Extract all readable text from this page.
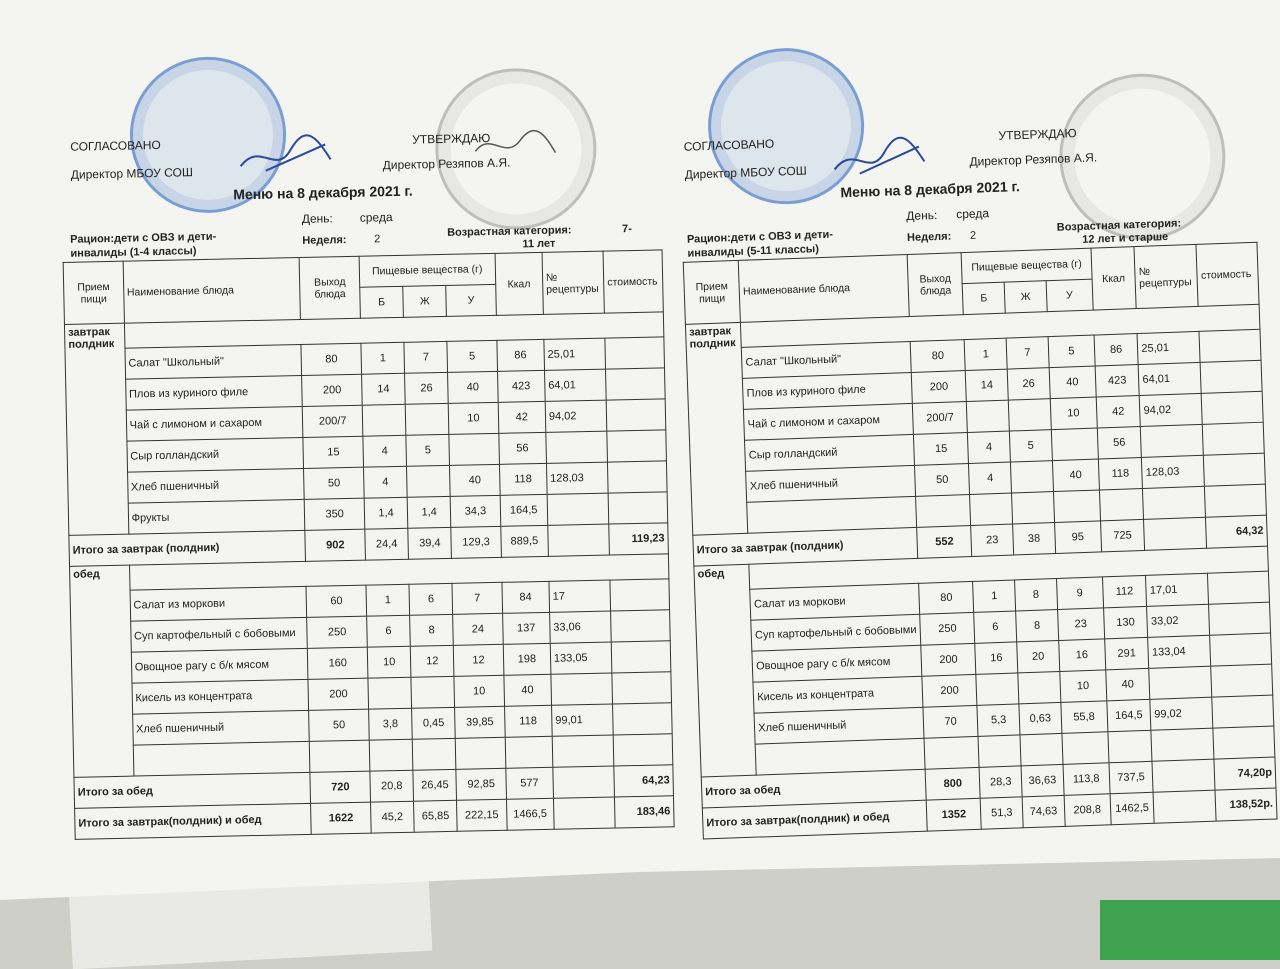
СОГЛАСОВАНО
Директор МБОУ СОШ
УТВЕРЖДАЮ
Директор Резяпов А.Я.
Меню на 8 декабря 2021 г.
День: среда
Рацион:дети с ОВЗ и дети-
инвалиды (1-4 классы)
Неделя:	2
Возрастная категория:	7-
11 лет
Прием пищи	Наименование блюда	Выход блюда	Пищевые вещества (г)			Ккал	№ рецептуры	стоимость
			Б	Ж	У			

завтрак
полдник								

	Салат "Школьный"	80	1	7	5	86	25,01	
	Плов из куриного филе	200	14	26	40	423	64,01	
	Чай с лимоном и сахаром	200/7			10	42	94,02	
	Сыр голландский	15	4	5		56		
	Хлеб пшеничный	50	4		40	118	128,03	
	Фрукты	350	1,4	1,4	34,3	164,5		
Итого за завтрак (полдник)		902	24,4	39,4	129,3	889,5		119,23

обед								

	Салат из моркови	60	1	6	7	84	17	
	Суп картофельный с бобовыми	250	6	8	24	137	33,06	
	Овощное рагу с б/к мясом	160	10	12	12	198	133,05	
	Кисель из концентрата	200			10	40		
	Хлеб пшеничный	50	3,8	0,45	39,85	118	99,01	

Итого за обед		720	20,8	26,45	92,85	577		64,23
Итого за завтрак(полдник) и обед		1622	45,2	65,85	222,15	1466,5		183,46
СОГЛАСОВАНО
Директор МБОУ СОШ
УТВЕРЖДАЮ
Директор Резяпов А.Я.
Меню на 8 декабря 2021 г.
День: среда
Рацион:дети с ОВЗ и дети-
инвалиды (5-11 классы)
Неделя: 2
Возрастная категория:
12 лет и старше
Прием пищи	Наименование блюда	Выход блюда	Пищевые вещества (г)			Ккал	№ рецептуры	стоимость
			Б	Ж	У			

завтрак
полдник								

	Салат "Школьный"	80	1	7	5	86	25,01	
	Плов из куриного филе	200	14	26	40	423	64,01	
	Чай с лимоном и сахаром	200/7			10	42	94,02	
	Сыр голландский	15	4	5		56		
	Хлеб пшеничный	50	4		40	118	128,03	

Итого за завтрак (полдник)		552	23	38	95	725		64,32

обед								

	Салат из моркови	80	1	8	9	112	17,01	
	Суп картофельный с бобовыми	250	6	8	23	130	33,02	
	Овощное рагу с б/к мясом	200	16	20	16	291	133,04	
	Кисель из концентрата	200			10	40		
	Хлеб пшеничный	70	5,3	0,63	55,8	164,5	99,02	

Итого за обед		800	28,3	36,63	113,8	737,5		74,20р
Итого за завтрак(полдник) и обед		1352	51,3	74,63	208,8	1462,5		138,52р.
